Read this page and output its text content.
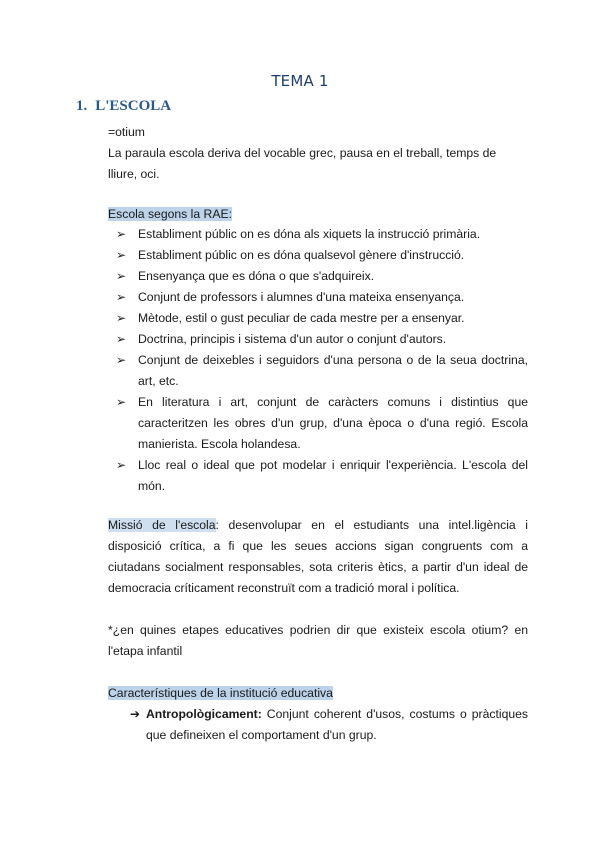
TEMA 1
1. L'ESCOLA
=otium
La paraula escola deriva del vocable grec, pausa en el treball, temps de lliure, oci.
Escola segons la RAE:
➢ Establiment públic on es dóna als xiquets la instrucció primària.
➢ Establiment públic on es dóna qualsevol gènere d'instrucció.
➢ Ensenyança que es dóna o que s'adquireix.
➢ Conjunt de professors i alumnes d'una mateixa ensenyança.
➢ Mètode, estil o gust peculiar de cada mestre per a ensenyar.
➢ Doctrina, principis i sistema d'un autor o conjunt d'autors.
➢ Conjunt de deixebles i seguidors d'una persona o de la seua doctrina, art, etc.
➢ En literatura i art, conjunt de caràcters comuns i distintius que caracteritzen les obres d'un grup, d'una època o d'una regió. Escola manierista. Escola holandesa.
➢ Lloc real o ideal que pot modelar i enriquir l'experiència. L'escola del món.
Missió de l'escola: desenvolupar en el estudiants una intel.ligència i disposició crítica, a fi que les seues accions sigan congruents com a ciutadans socialment responsables, sota criteris ètics, a partir d'un ideal de democracia críticament reconstruït com a tradició moral i política.
*¿en quines etapes educatives podrien dir que existeix escola otium? en l'etapa infantil
Característiques de la institució educativa
➔ Antropològicament: Conjunt coherent d'usos, costums o pràctiques que defineixen el comportament d'un grup.
